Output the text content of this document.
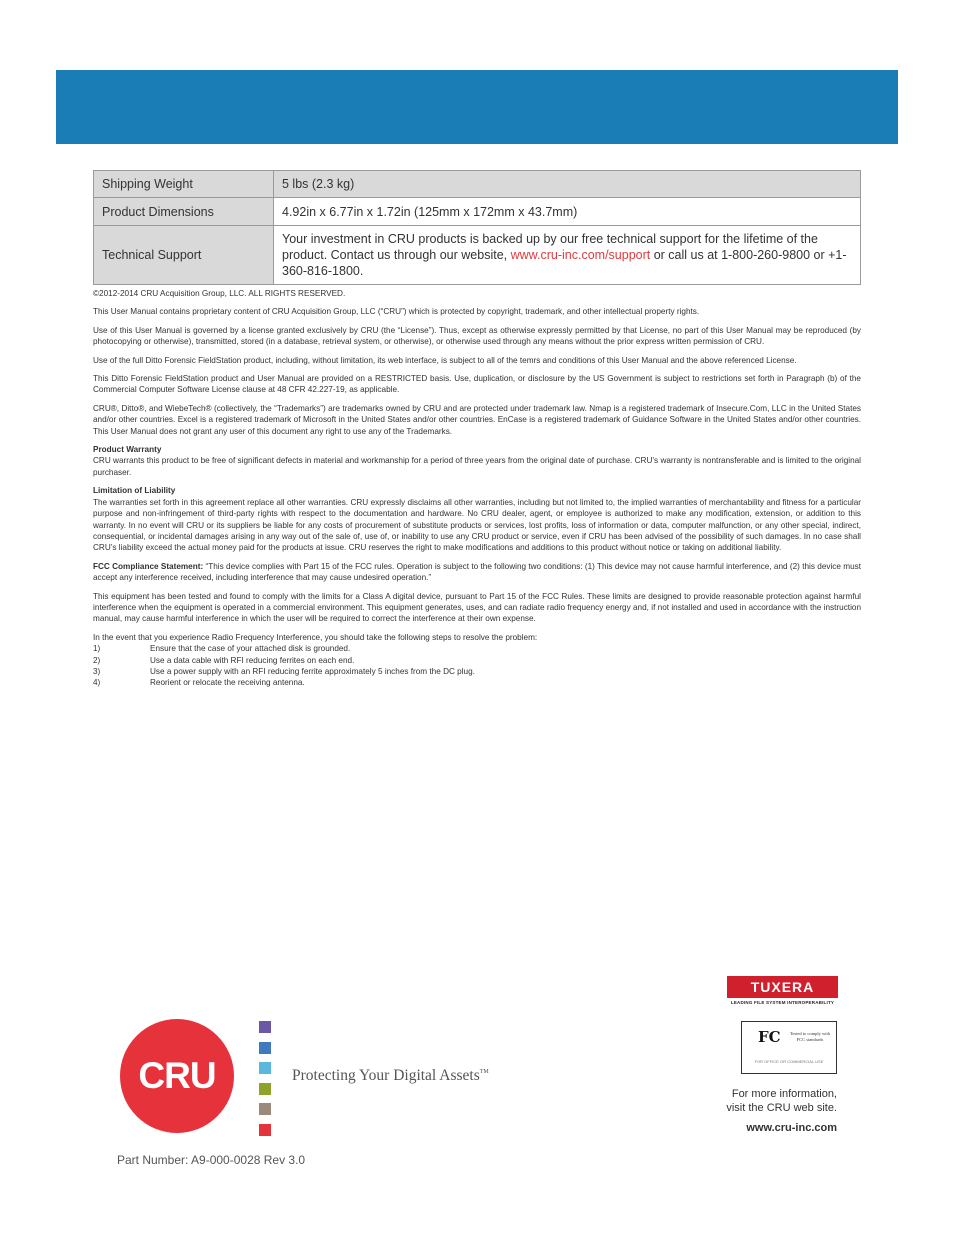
Shipping Weight	5 lbs (2.3 kg)
Product Dimensions	4.92in x 6.77in x 1.72in (125mm x 172mm x 43.7mm)
Technical Support	Your investment in CRU products is backed up by our free technical support for the lifetime of the product. Contact us through our website, www.cru-inc.com/support or call us at 1-800-260-9800 or +1-360-816-1800.

©2012-2014 CRU Acquisition Group, LLC. ALL RIGHTS RESERVED.

This User Manual contains proprietary content of CRU Acquisition Group, LLC (“CRU”) which is protected by copyright, trademark, and other intellectual property rights.

Use of this User Manual is governed by a license granted exclusively by CRU (the “License”). Thus, except as otherwise expressly permitted by that License, no part of this User Manual may be reproduced (by photocopying or otherwise), transmitted, stored (in a database, retrieval system, or otherwise), or otherwise used through any means without the prior express written permission of CRU.

Use of the full Ditto Forensic FieldStation product, including, without limitation, its web interface, is subject to all of the temrs and conditions of this User Manual and the above referenced License.

This Ditto Forensic FieldStation product and User Manual are provided on a RESTRICTED basis. Use, duplication, or disclosure by the US Government is subject to restrictions set forth in Paragraph (b) of the Commercial Computer Software License clause at 48 CFR 42.227-19, as applicable.

CRU®, Ditto®, and WiebeTech® (collectively, the “Trademarks”) are trademarks owned by CRU and are protected under trademark law. Nmap is a registered trademark of Insecure.Com, LLC in the United States and/or other countries. Excel is a registered trademark of Microsoft in the United States and/or other countries. EnCase is a registered trademark of Guidance Software in the United States and/or other countries. This User Manual does not grant any user of this document any right to use any of the Trademarks.

Product Warranty
CRU warrants this product to be free of significant defects in material and workmanship for a period of three years from the original date of purchase. CRU’s warranty is nontransferable and is limited to the original purchaser.

Limitation of Liability
The warranties set forth in this agreement replace all other warranties. CRU expressly disclaims all other warranties, including but not limited to, the implied warranties of merchantability and fitness for a particular purpose and non-infringement of third-party rights with respect to the documentation and hardware. No CRU dealer, agent, or employee is authorized to make any modification, extension, or addition to this warranty. In no event will CRU or its suppliers be liable for any costs of procurement of substitute products or services, lost profits, loss of information or data, computer malfunction, or any other special, indirect, consequential, or incidental damages arising in any way out of the sale of, use of, or inability to use any CRU product or service, even if CRU has been advised of the possibility of such damages. In no case shall CRU’s liability exceed the actual money paid for the products at issue. CRU reserves the right to make modifications and additions to this product without notice or taking on additional liability.

FCC Compliance Statement: “This device complies with Part 15 of the FCC rules. Operation is subject to the following two conditions: (1) This device may not cause harmful interference, and (2) this device must accept any interference received, including interference that may cause undesired operation.”

This equipment has been tested and found to comply with the limits for a Class A digital device, pursuant to Part 15 of the FCC Rules. These limits are designed to provide reasonable protection against harmful interference when the equipment is operated in a commercial environment. This equipment generates, uses, and can radiate radio frequency energy and, if not installed and used in accordance with the instruction manual, may cause harmful interference in which the user will be required to correct the interference at their own expense.

In the event that you experience Radio Frequency Interference, you should take the following steps to resolve the problem:
1)	Ensure that the case of your attached disk is grounded.
2)	Use a data cable with RFI reducing ferrites on each end.
3)	Use a power supply with an RFI reducing ferrite approximately 5 inches from the DC plug.
4)	Reorient or relocate the receiving antenna.
TUXERA
LEADING FILE SYSTEM INTEROPERABILITY
FC	Tested to comply with FCC standards
FOR OFFICE OR COMMERCIAL USE
CRU	Protecting Your Digital Assets™
For more information,
visit the CRU web site.
www.cru-inc.com
Part Number: A9-000-0028 Rev 3.0
